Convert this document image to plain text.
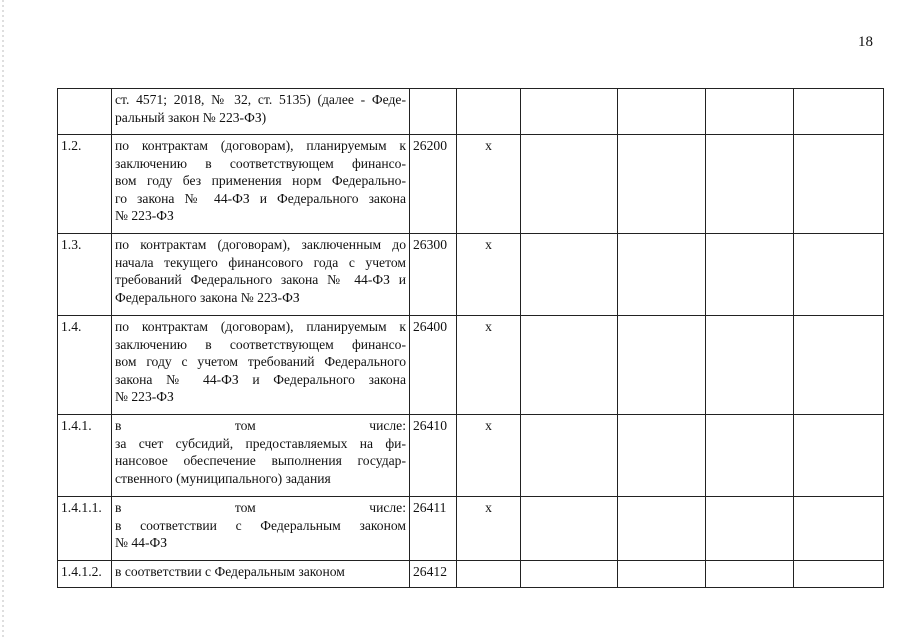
18

	ст. 4571; 2018, № 32, ст. 5135) (далее - Феде-
ральный закон № 223-ФЗ)						

1.2.	по контрактам (договорам), планируемым к
заключению в соответствующем финансо-
вом году без применения норм Федерально-
го закона № 44-ФЗ и Федерального закона
№ 223-ФЗ	26200	x				
1.3.	по контрактам (договорам), заключенным до
начала текущего финансового года с учетом
требований Федерального закона № 44-ФЗ и
Федерального закона № 223-ФЗ	26300	x				
1.4.	по контрактам (договорам), планируемым к
заключению в соответствующем финансо-
вом году с учетом требований Федерального
закона № 44-ФЗ и Федерального закона
№ 223-ФЗ	26400	x				
1.4.1.	в том числе:
за счет субсидий, предоставляемых на фи-
нансовое обеспечение выполнения государ-
ственного (муниципального) задания	26410	x				
1.4.1.1.	в том числе:
в соответствии с Федеральным законом
№ 44-ФЗ	26411	x				
1.4.1.2.	в соответствии с Федеральным законом	26412					
